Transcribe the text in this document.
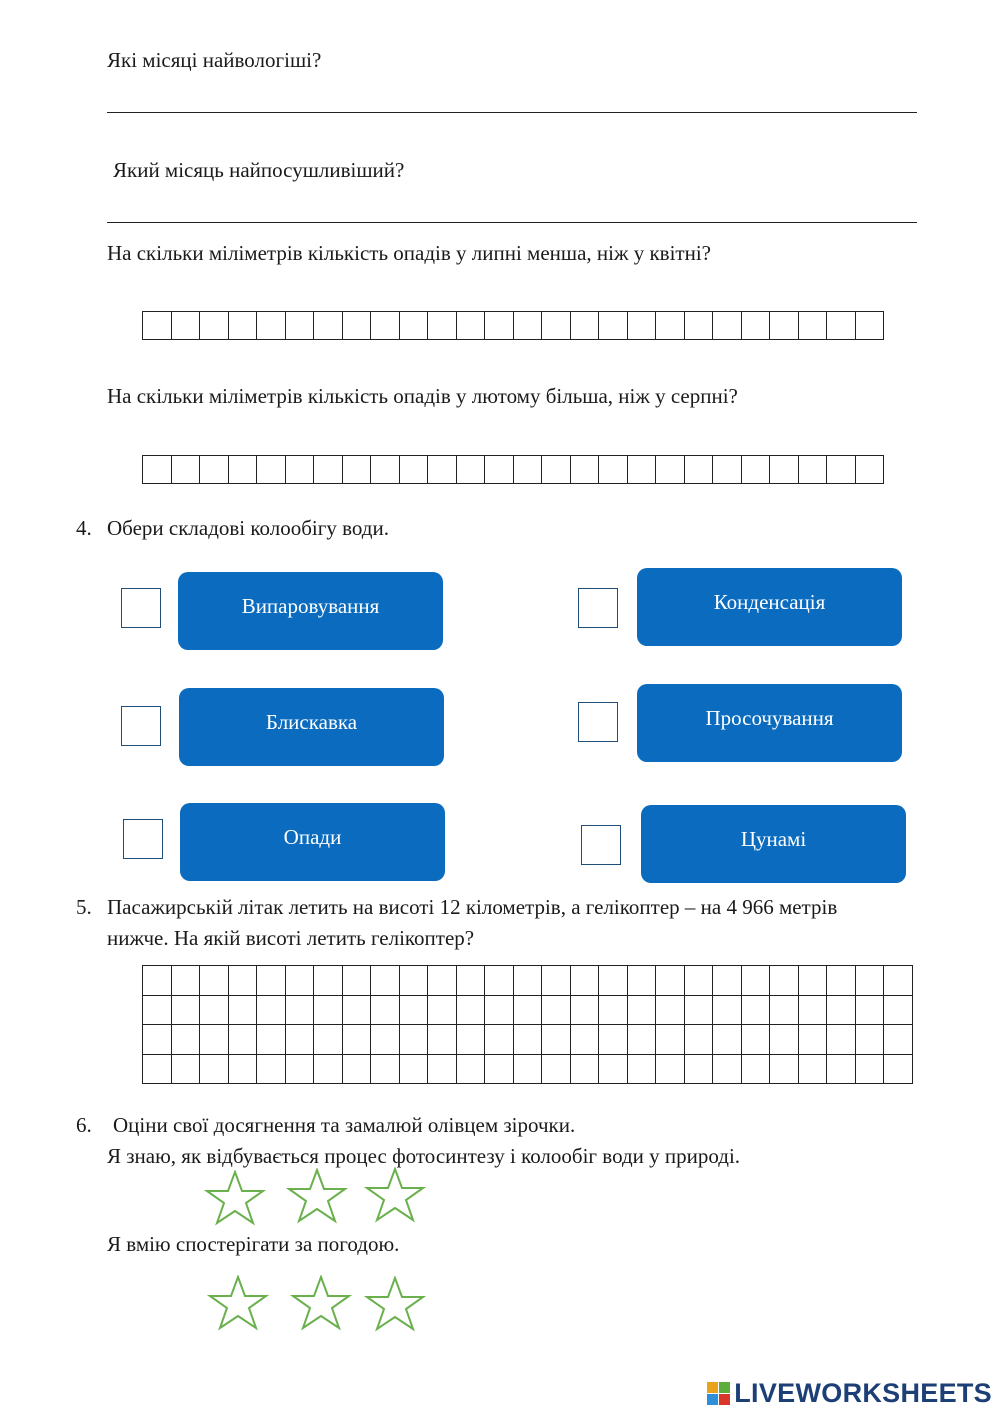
Які місяці найвологіші?
Який місяць найпосушливіший?
На скільки міліметрів кількість опадів у липні менша, ніж у квітні?

На скільки міліметрів кількість опадів у лютому більша, ніж у серпні?

4. Обери складові колообігу води.
Випаровування	Конденсація
Блискавка	Просочування
Опади	Цунамі
5. Пасажирській літак летить на висоті 12 кілометрів, а гелікоптер – на 4 966 метрів
нижче. На якій висоті летить гелікоптер?

6. Оціни свої досягнення та замалюй олівцем зірочки.
Я знаю, як відбувається процес фотосинтезу і колообіг води у природі.
Я вмію спостерігати за погодою.
LIVEWORKSHEETS
